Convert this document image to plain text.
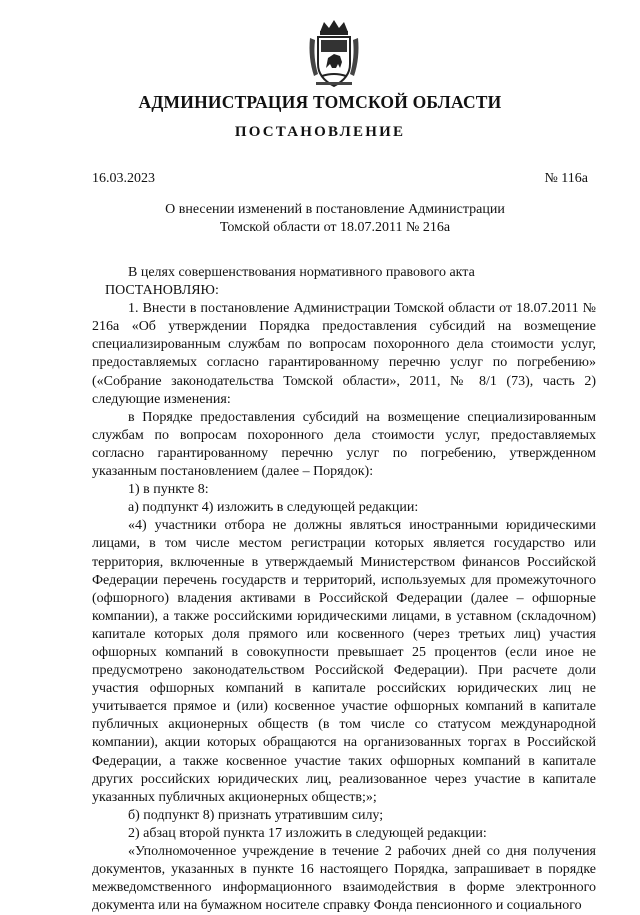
АДМИНИСТРАЦИЯ ТОМСКОЙ ОБЛАСТИ
ПОСТАНОВЛЕНИЕ
16.03.2023	№ 116а
О внесении изменений в постановление Администрации
Томской области от 18.07.2011 № 216а

В целях совершенствования нормативного правового акта

ПОСТАНОВЛЯЮ:

1. Внести в постановление Администрации Томской области от 18.07.2011 № 216а «Об утверждении Порядка предоставления субсидий на возмещение специализированным службам по вопросам похоронного дела стоимости услуг, предоставляемых согласно гарантированному перечню услуг по погребению» («Собрание законодательства Томской области», 2011, № 8/1 (73), часть 2) следующие изменения:

в Порядке предоставления субсидий на возмещение специализированным службам по вопросам похоронного дела стоимости услуг, предоставляемых согласно гарантированному перечню услуг по погребению, утвержденном указанным постановлением (далее – Порядок):

1) в пункте 8:

а) подпункт 4) изложить в следующей редакции:

«4) участники отбора не должны являться иностранными юридическими лицами, в том числе местом регистрации которых является государство или территория, включенные в утверждаемый Министерством финансов Российской Федерации перечень государств и территорий, используемых для промежуточного (офшорного) владения активами в Российской Федерации (далее – офшорные компании), а также российскими юридическими лицами, в уставном (складочном) капитале которых доля прямого или косвенного (через третьих лиц) участия офшорных компаний в совокупности превышает 25 процентов (если иное не предусмотрено законодательством Российской Федерации). При расчете доли участия офшорных компаний в капитале российских юридических лиц не учитывается прямое и (или) косвенное участие офшорных компаний в капитале публичных акционерных обществ (в том числе со статусом международной компании), акции которых обращаются на организованных торгах в Российской Федерации, а также косвенное участие таких офшорных компаний в капитале других российских юридических лиц, реализованное через участие в капитале указанных публичных акционерных обществ;»;

б) подпункт 8) признать утратившим силу;

2) абзац второй пункта 17 изложить в следующей редакции:

«Уполномоченное учреждение в течение 2 рабочих дней со дня получения документов, указанных в пункте 16 настоящего Порядка, запрашивает в порядке межведомственного информационного взаимодействия в форме электронного документа или на бумажном носителе справку Фонда пенсионного и социального
